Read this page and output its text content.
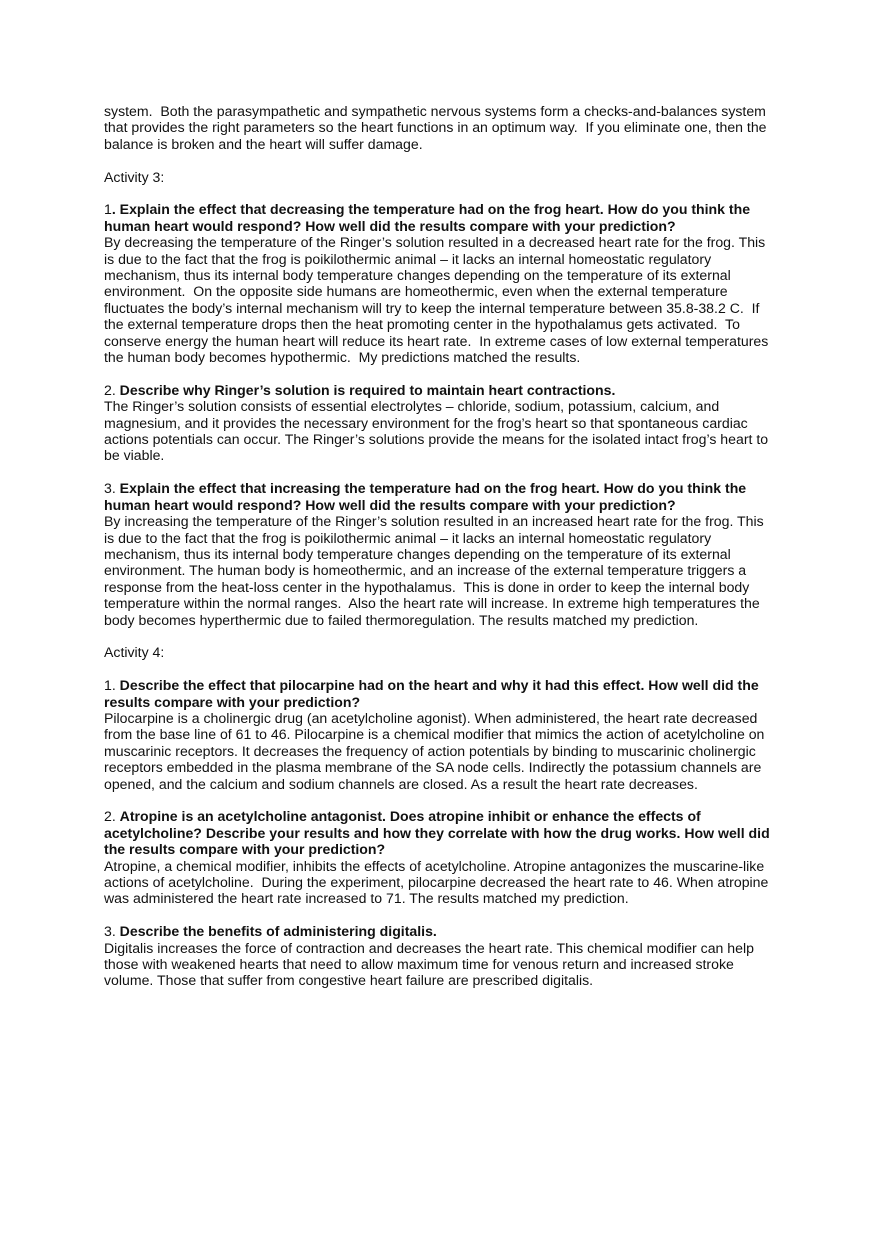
system.  Both the parasympathetic and sympathetic nervous systems form a checks-and-balances system that provides the right parameters so the heart functions in an optimum way.  If you eliminate one, then the balance is broken and the heart will suffer damage.

Activity 3:

1. Explain the effect that decreasing the temperature had on the frog heart. How do you think the human heart would respond? How well did the results compare with your prediction?

By decreasing the temperature of the Ringer’s solution resulted in a decreased heart rate for the frog. This is due to the fact that the frog is poikilothermic animal – it lacks an internal homeostatic regulatory mechanism, thus its internal body temperature changes depending on the temperature of its external environment.  On the opposite side humans are homeothermic, even when the external temperature fluctuates the body’s internal mechanism will try to keep the internal temperature between 35.8-38.2 C.  If the external temperature drops then the heat promoting center in the hypothalamus gets activated.  To conserve energy the human heart will reduce its heart rate.  In extreme cases of low external temperatures the human body becomes hypothermic.  My predictions matched the results.

2. Describe why Ringer’s solution is required to maintain heart contractions.

The Ringer’s solution consists of essential electrolytes – chloride, sodium, potassium, calcium, and magnesium, and it provides the necessary environment for the frog’s heart so that spontaneous cardiac actions potentials can occur. The Ringer’s solutions provide the means for the isolated intact frog’s heart to be viable.

3. Explain the effect that increasing the temperature had on the frog heart. How do you think the human heart would respond? How well did the results compare with your prediction?

By increasing the temperature of the Ringer’s solution resulted in an increased heart rate for the frog. This is due to the fact that the frog is poikilothermic animal – it lacks an internal homeostatic regulatory mechanism, thus its internal body temperature changes depending on the temperature of its external environment. The human body is homeothermic, and an increase of the external temperature triggers a response from the heat-loss center in the hypothalamus.  This is done in order to keep the internal body temperature within the normal ranges.  Also the heart rate will increase. In extreme high temperatures the body becomes hyperthermic due to failed thermoregulation. The results matched my prediction.

Activity 4:

1. Describe the effect that pilocarpine had on the heart and why it had this effect. How well did the results compare with your prediction?

Pilocarpine is a cholinergic drug (an acetylcholine agonist). When administered, the heart rate decreased from the base line of 61 to 46. Pilocarpine is a chemical modifier that mimics the action of acetylcholine on muscarinic receptors. It decreases the frequency of action potentials by binding to muscarinic cholinergic receptors embedded in the plasma membrane of the SA node cells. Indirectly the potassium channels are opened, and the calcium and sodium channels are closed. As a result the heart rate decreases.

2. Atropine is an acetylcholine antagonist. Does atropine inhibit or enhance the effects of acetylcholine? Describe your results and how they correlate with how the drug works. How well did the results compare with your prediction?

Atropine, a chemical modifier, inhibits the effects of acetylcholine. Atropine antagonizes the muscarine-like actions of acetylcholine.  During the experiment, pilocarpine decreased the heart rate to 46. When atropine was administered the heart rate increased to 71. The results matched my prediction.

3. Describe the benefits of administering digitalis.

Digitalis increases the force of contraction and decreases the heart rate. This chemical modifier can help those with weakened hearts that need to allow maximum time for venous return and increased stroke volume. Those that suffer from congestive heart failure are prescribed digitalis.
